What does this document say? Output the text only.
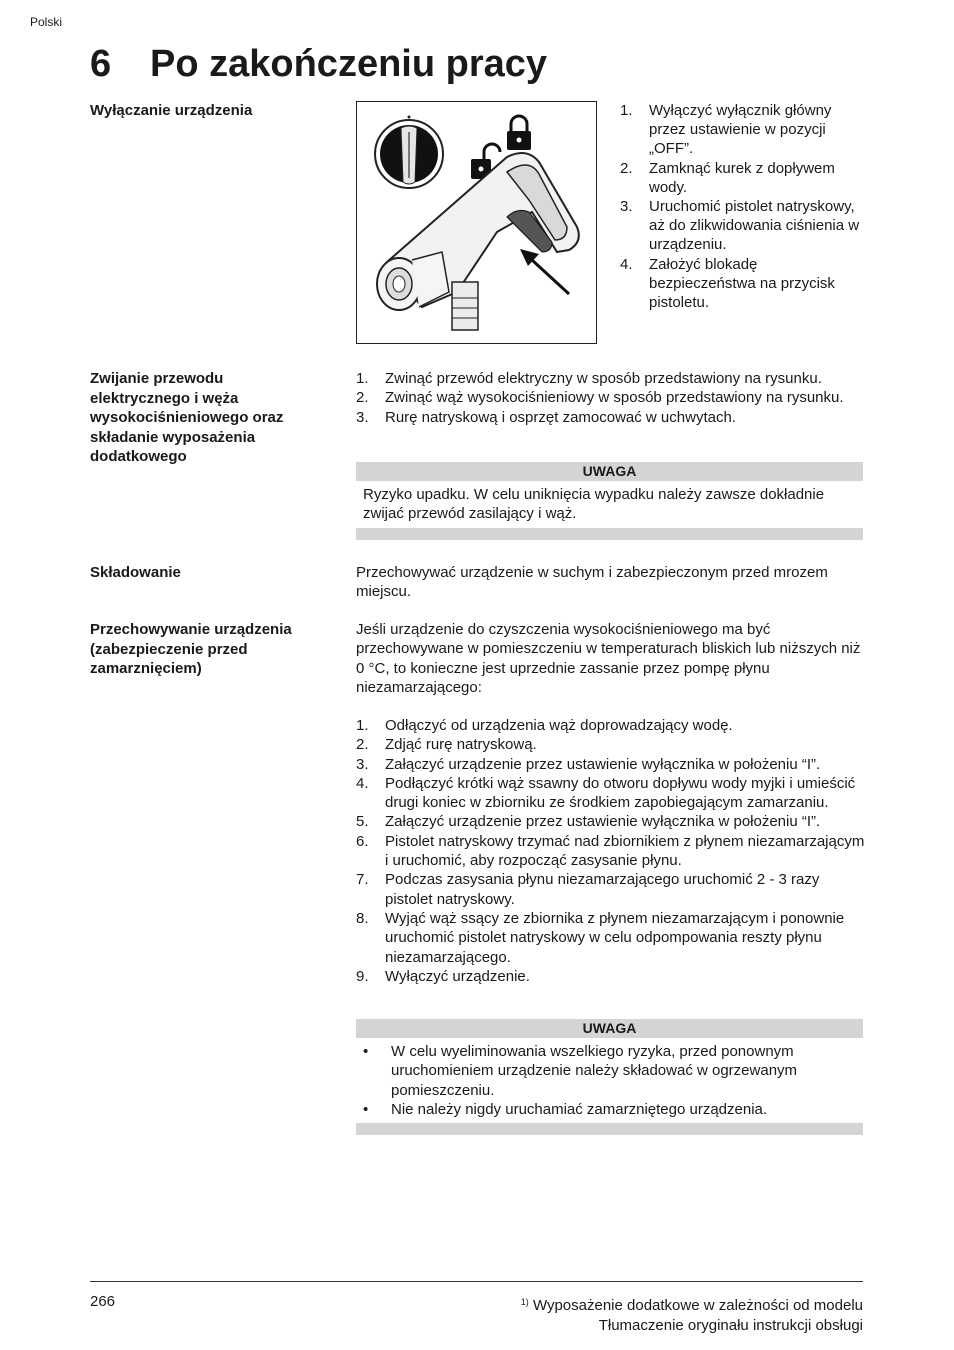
Polski
6	Po zakończeniu pracy
Wyłączanie urządzenia	1.	Wyłączyć wyłącznik główny przez ustawienie w pozycji „OFF”.
2.	Zamknąć kurek z dopływem wody.
3.	Uruchomić pistolet natryskowy, aż do zlikwidowania ciśnienia w urządzeniu.
4.	Założyć blokadę bezpieczeństwa na przycisk pistoletu.
Zwijanie przewodu elektrycznego i węża wysokociśnieniowego oraz składanie wyposażenia dodatkowego
1.	Zwinąć przewód elektryczny w sposób przedstawiony na rysunku.
2.	Zwinąć wąż wysokociśnieniowy w sposób przedstawiony na rysunku.
3.	Rurę natryskową i osprzęt zamocować w uchwytach.
UWAGA
Ryzyko upadku. W celu uniknięcia wypadku należy zawsze dokładnie zwijać przewód zasilający i wąż.
Składowanie	Przechowywać urządzenie w suchym i zabezpieczonym przed mrozem miejscu.
Przechowywanie urządzenia (zabezpieczenie przed zamarznięciem)
Jeśli urządzenie do czyszczenia wysokociśnieniowego ma być przechowywane w pomieszczeniu w temperaturach bliskich lub niższych niż 0 °C, to konieczne jest uprzednie zassanie przez pompę płynu niezamarzającego:
1.	Odłączyć od urządzenia wąż doprowadzający wodę.
2.	Zdjąć rurę natryskową.
3.	Załączyć urządzenie przez ustawienie wyłącznika w położeniu “I”.
4.	Podłączyć krótki wąż ssawny do otworu dopływu wody myjki i umieścić drugi koniec w zbiorniku ze środkiem zapobiegającym zamarzaniu.
5.	Załączyć urządzenie przez ustawienie wyłącznika w położeniu “I”.
6.	Pistolet natryskowy trzymać nad zbiornikiem z płynem niezamarzającym i uruchomić, aby rozpocząć zasysanie płynu.
7.	Podczas zasysania płynu niezamarzającego uruchomić 2 - 3 razy pistolet natryskowy.
8.	Wyjąć wąż ssący ze zbiornika z płynem niezamarzającym i ponownie uruchomić pistolet natryskowy w celu odpompowania reszty płynu niezamarzającego.
9.	Wyłączyć urządzenie.
UWAGA
•	W celu wyeliminowania wszelkiego ryzyka, przed ponownym uruchomieniem urządzenie należy składować w ogrzewanym pomieszczeniu.
•	Nie należy nigdy uruchamiać zamarzniętego urządzenia.
266	$^{1)}$ Wyposażenie dodatkowe w zależności od modelu
Tłumaczenie oryginału instrukcji obsługi
